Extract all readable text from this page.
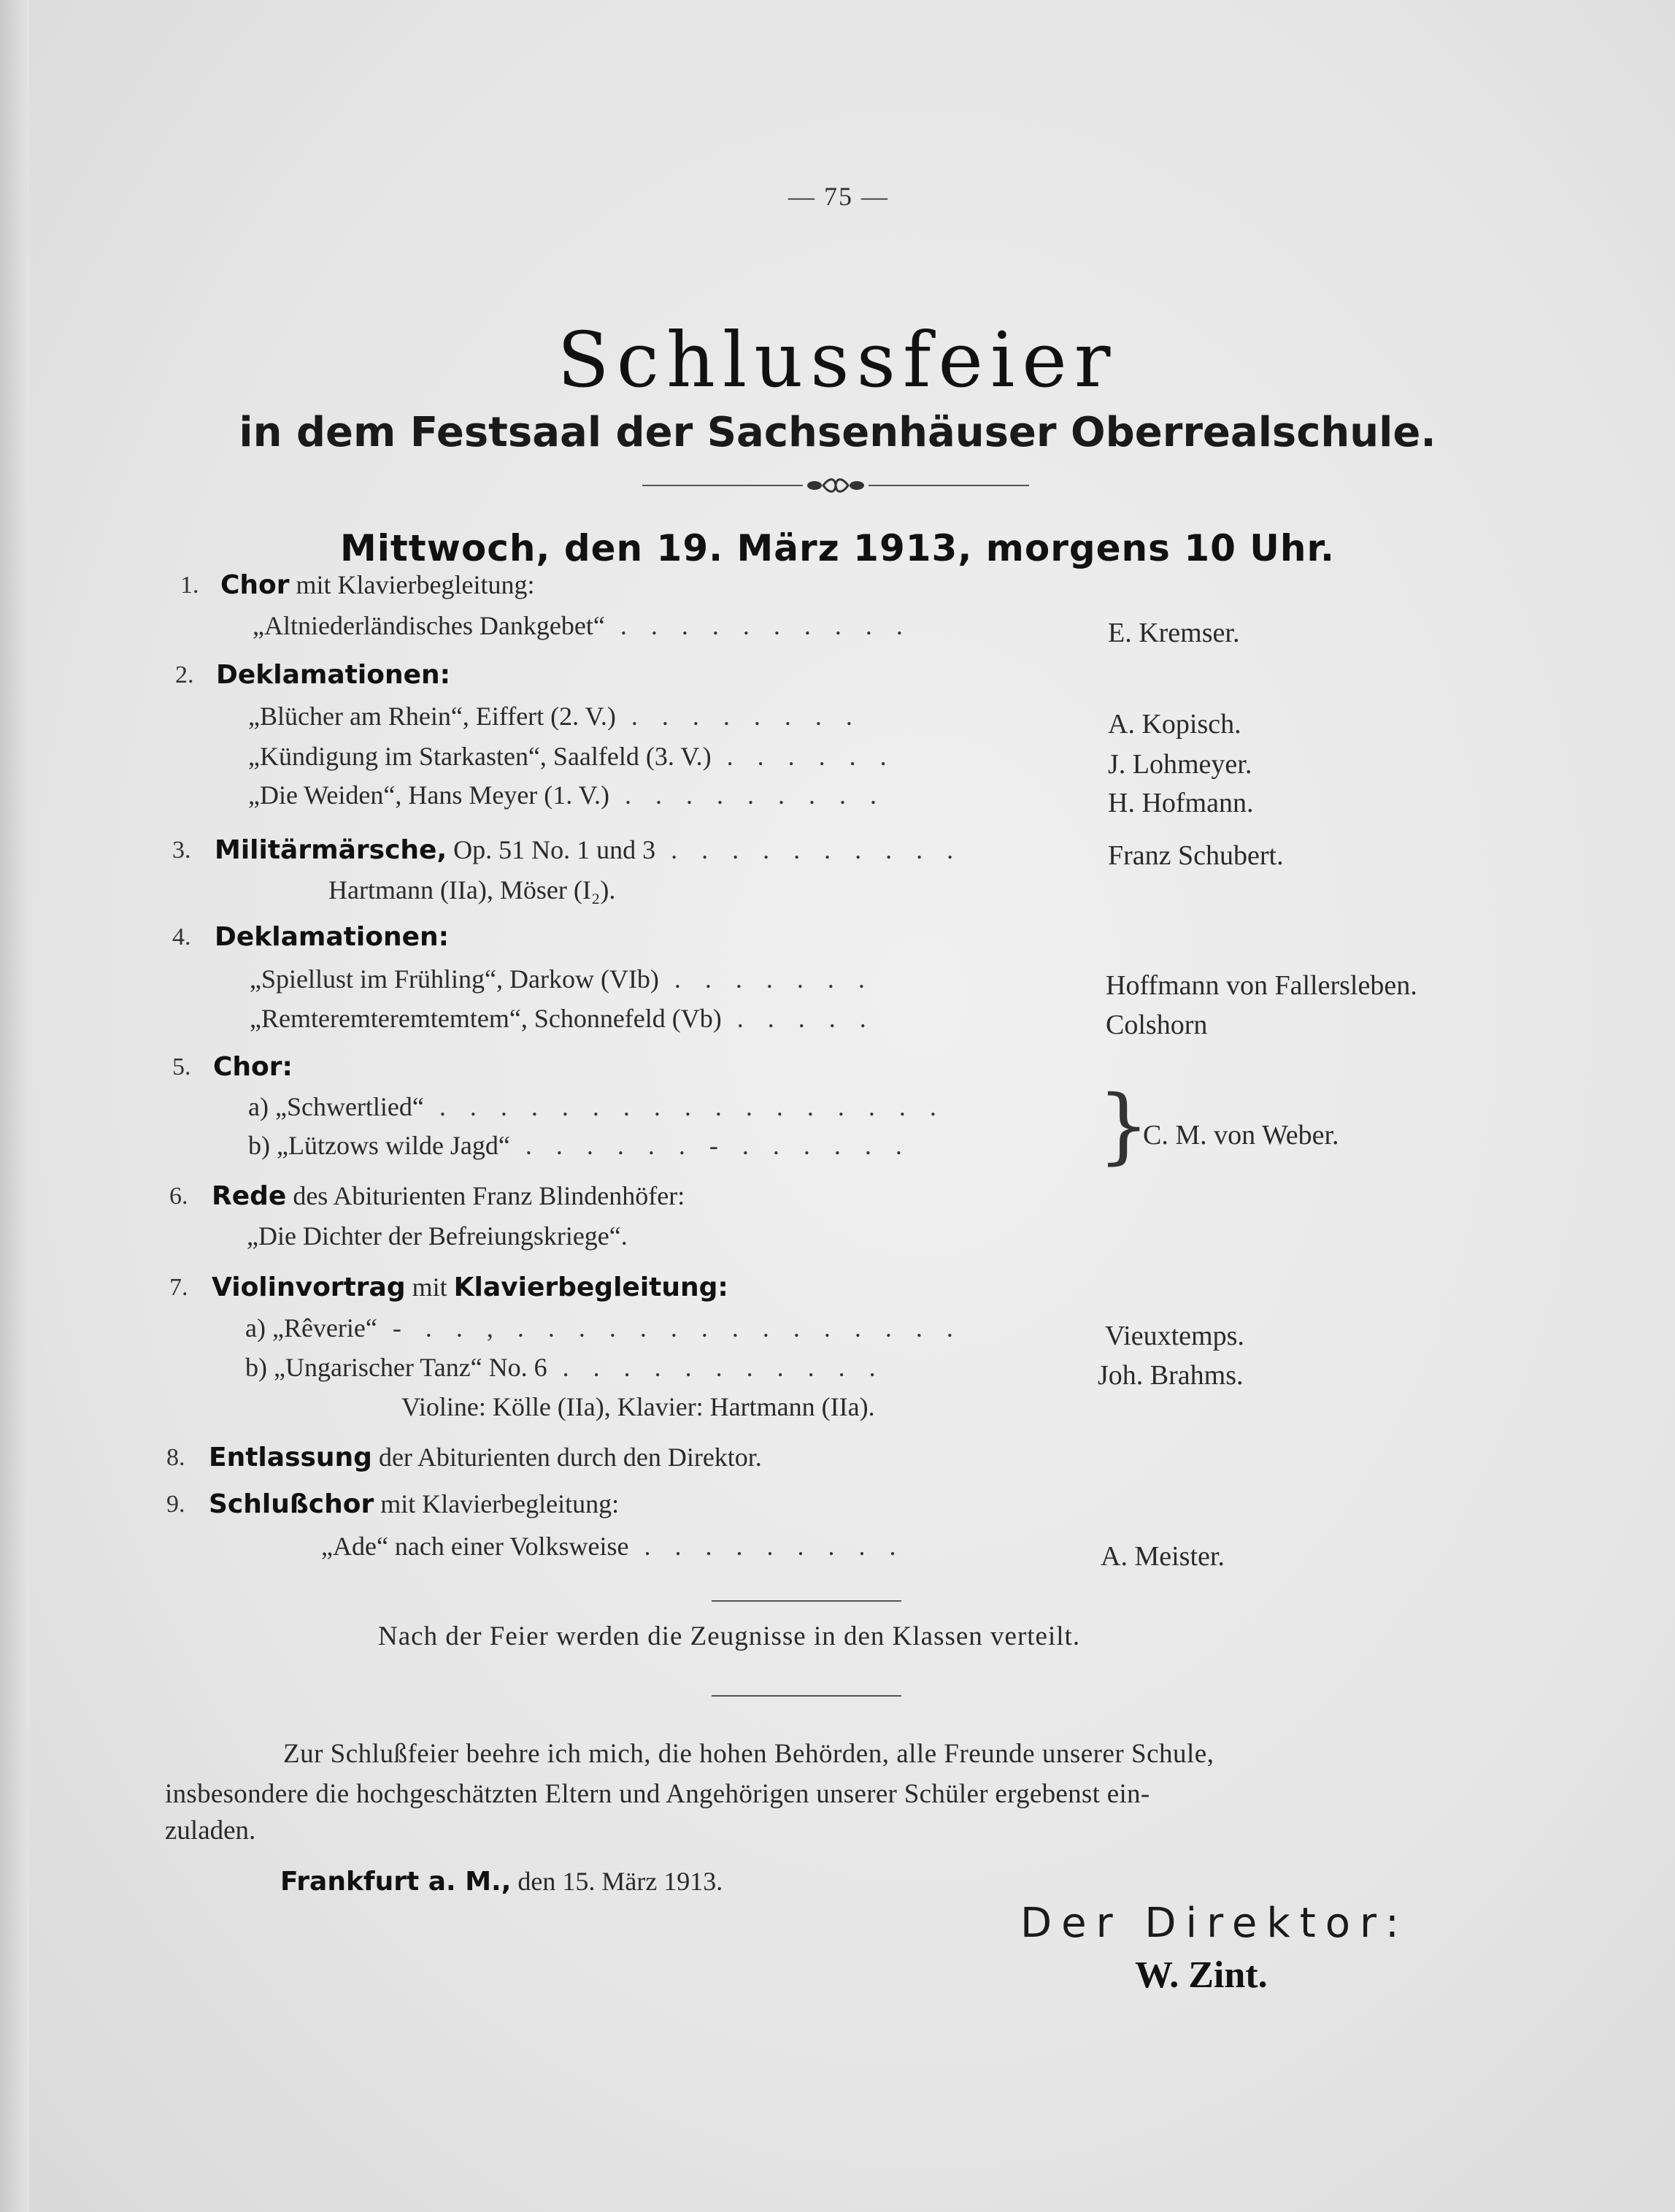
— 75 —
Schlussfeier
in dem Festsaal der Sachsenhäuser Oberrealschule.
Mittwoch, den 19. März 1913, morgens 10 Uhr.
1. Chor mit Klavierbegleitung:
„Altniederländisches Dankgebet“ . . . . . . . . . .	E. Kremser.
2. Deklamationen:
„Blücher am Rhein“, Eiffert (2. V.) . . . . . . . .	A. Kopisch.
„Kündigung im Starkasten“, Saalfeld (3. V.) . . . . . .	J. Lohmeyer.
„Die Weiden“, Hans Meyer (1. V.) . . . . . . . . .	H. Hofmann.
3. Militärmärsche, Op. 51 No. 1 und 3 . . . . . . . . . .	Franz Schubert.
Hartmann (IIa), Möser (I₂).
4. Deklamationen:
„Spiellust im Frühling“, Darkow (VIb) . . . . . . .	Hoffmann von Fallersleben.
„Remteremteremtemtem“, Schonnefeld (Vb) . . . . .	Colshorn
5. Chor:
a) „Schwertlied“ . . . . . . . . . . . . . . . . .
b) „Lützows wilde Jagd“ . . . . . . - . . . . . . }
C. M. von Weber.
6. Rede des Abiturienten Franz Blindenhöfer:
„Die Dichter der Befreiungskriege“.
7. Violinvortrag mit Klavierbegleitung:
a) „Rêverie“ - . . , . . . . . . . . . . . . . . .	Vieuxtemps.
b) „Ungarischer Tanz“ No. 6 . . . . . . . . . . .	Joh. Brahms.
Violine: Kölle (IIa), Klavier: Hartmann (IIa).
8. Entlassung der Abiturienten durch den Direktor.
9. Schlußchor mit Klavierbegleitung:
„Ade“ nach einer Volksweise . . . . . . . . .	A. Meister.
Nach der Feier werden die Zeugnisse in den Klassen verteilt.
Zur Schlußfeier beehre ich mich, die hohen Behörden, alle Freunde unserer Schule,
insbesondere die hochgeschätzten Eltern und Angehörigen unserer Schüler ergebenst ein-
zuladen.
Frankfurt a. M., den 15. März 1913.
Der Direktor:
W. Zint.
